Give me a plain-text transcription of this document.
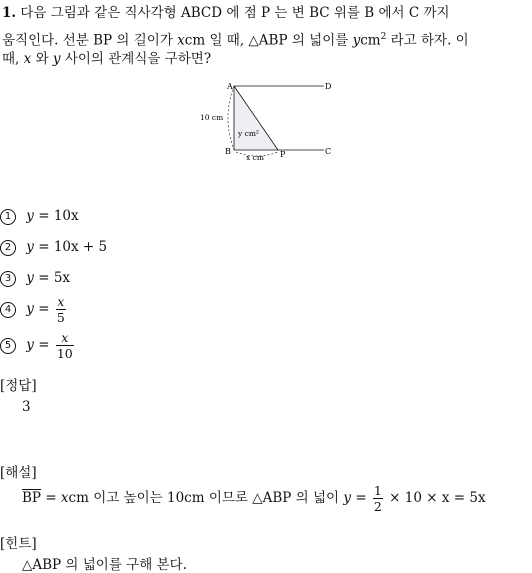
1. 다음 그림과 같은 직사각형 ABCD 에 점 P 는 변 BC 위를 B 에서 C 까지
움직인다. 선분 BP 의 길이가 xcm 일 때, △ABP 의 넓이를 ycm$^2$ 라고 하자. 이
때, x 와 y 사이의 관계식을 구하면?
A	D
B	P	C
10 cm
y cm²
x cm
1 y = 10x
2 y = 10x + 5
3 y = 5x
4 $y = \frac{x}{5}$
5 $y = \frac{x}{10}$
[정답]
3
[해설]
$\overline{BP}$ = xcm 이고 높이는 10cm 이므로 △ABP 의 넓이 $y = \frac{1}{2} \times 10 \times x = 5x$
[힌트]
△ABP 의 넓이를 구해 본다.
